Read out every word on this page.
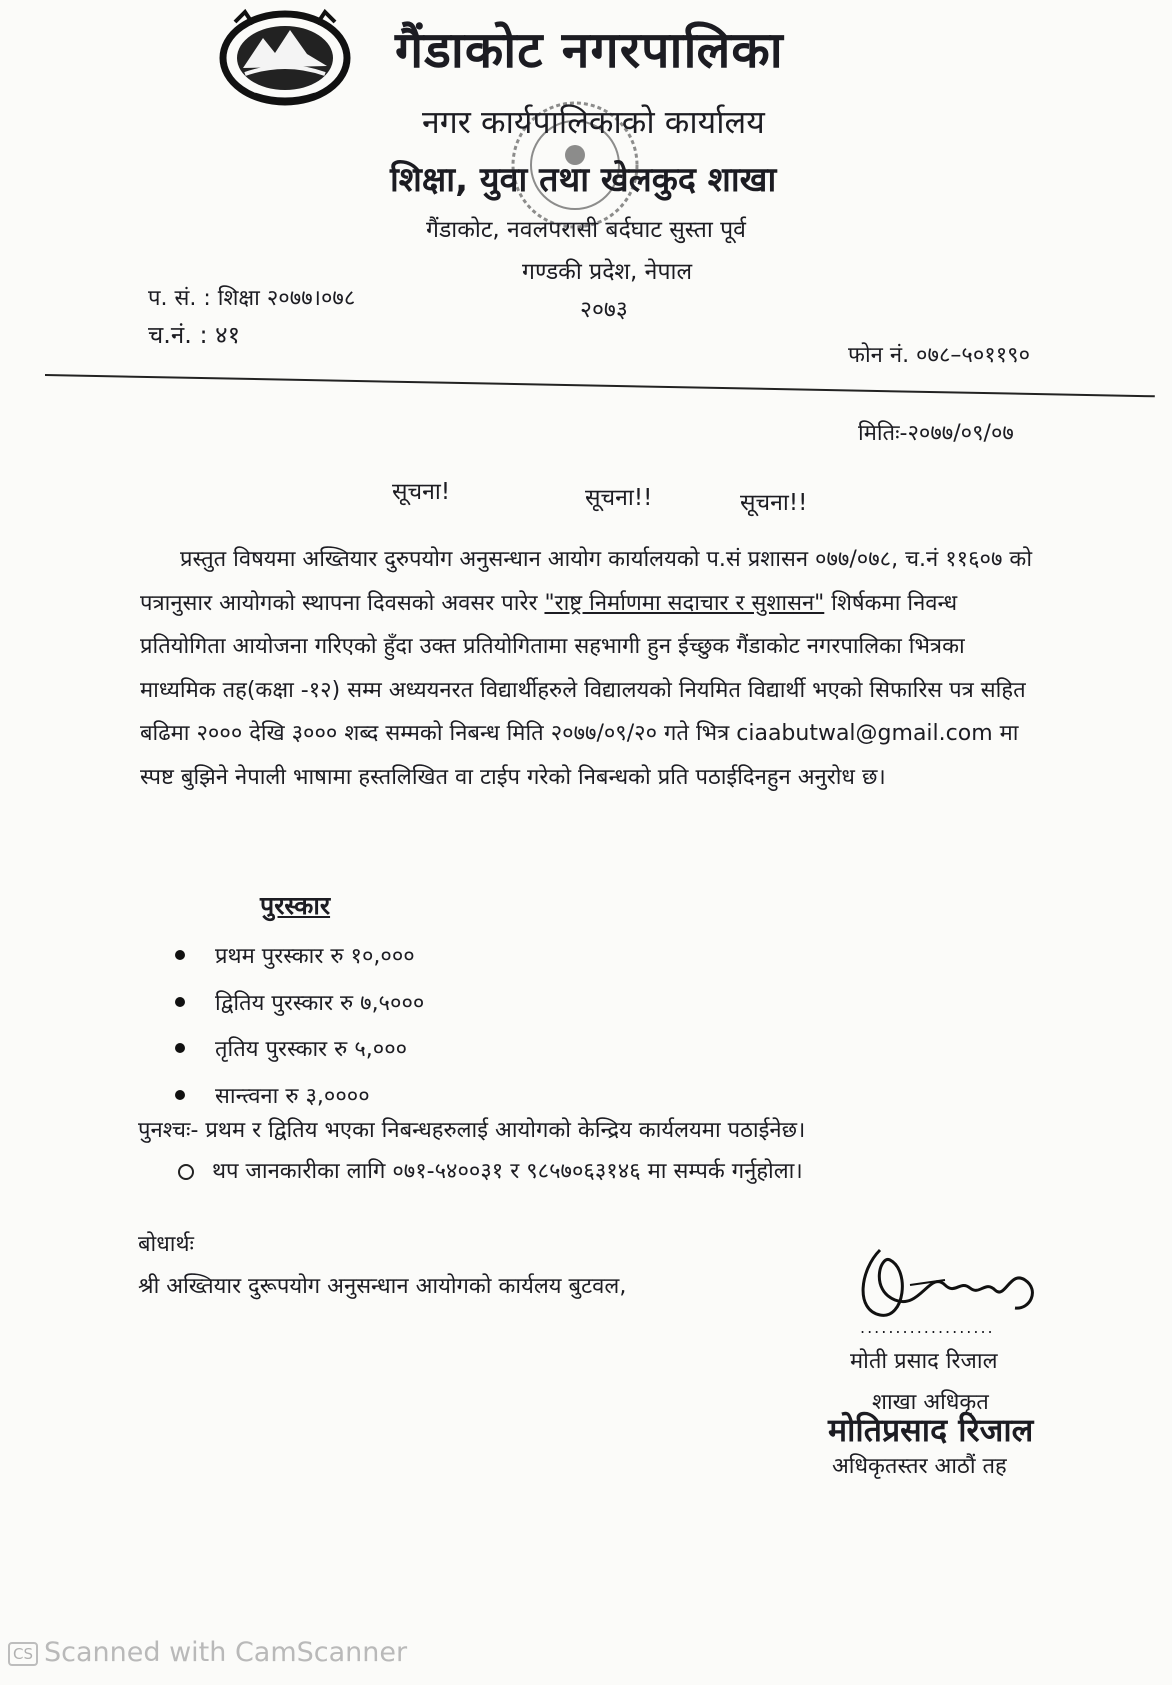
गैंडाकोट नगरपालिका
नगर कार्यपालिकाको कार्यालय
शिक्षा, युवा तथा खेलकुद शाखा
गैंडाकोट, नवलपरासी बर्दघाट सुस्ता पूर्व
गण्डकी प्रदेश, नेपाल
२०७३
प. सं. : शिक्षा २०७७।०७८
च.नं. : ४१
फोन नं. ०७८–५०११९०
मितिः-२०७७/०९/०७
सूचना!	सूचना!!	सूचना!!
प्रस्तुत विषयमा अख्तियार दुरुपयोग अनुसन्धान आयोग कार्यालयको प.सं प्रशासन ०७७/०७८, च.नं ११६०७ को पत्रानुसार आयोगको स्थापना दिवसको अवसर पारेर "राष्ट्र निर्माणमा सदाचार र सुशासन" शिर्षकमा निवन्ध प्रतियोगिता आयोजना गरिएको हुँदा उक्त प्रतियोगितामा सहभागी हुन ईच्छुक गैंडाकोट नगरपालिका भित्रका माध्यमिक तह(कक्षा -१२) सम्म अध्ययनरत विद्यार्थीहरुले विद्यालयको नियमित विद्यार्थी भएको सिफारिस पत्र सहित बढिमा २००० देखि ३००० शब्द सम्मको निबन्ध मिति २०७७/०९/२० गते भित्र ciaabutwal@gmail.com मा स्पष्ट बुझिने नेपाली भाषामा हस्तलिखित वा टाईप गरेको निबन्धको प्रति पठाईदिनहुन अनुरोध छ।
पुरस्कार
प्रथम पुरस्कार रु १०,०००
द्वितिय पुरस्कार रु ७,५०००
तृतिय पुरस्कार रु ५,०००
सान्त्वना रु ३,००००
पुनश्चः- प्रथम र द्वितिय भएका निबन्धहरुलाई आयोगको केन्द्रिय कार्यलयमा पठाईनेछ।
थप जानकारीका लागि ०७१-५४००३१ र ९८५७०६३१४६ मा सम्पर्क गर्नुहोला।
बोधार्थः
श्री अख्तियार दुरूपयोग अनुसन्धान आयोगको कार्यलय बुटवल,
...................
मोती प्रसाद रिजाल
शाखा अधिकृत
मोतिप्रसाद रिजाल
अधिकृतस्तर आठौं तह
CS Scanned with CamScanner
